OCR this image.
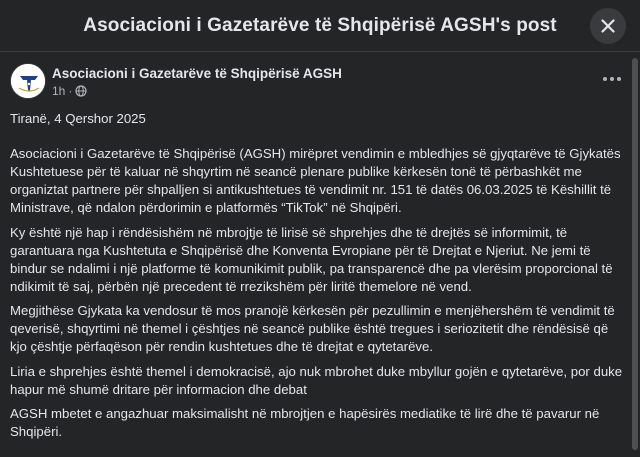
Asociacioni i Gazetarëve të Shqipërisë AGSH's post
Asociacioni i Gazetarëve të Shqipërisë AGSH
1h ·

Tiranë, 4 Qershor 2025

Asociacioni i Gazetarëve të Shqipërisë (AGSH) mirëpret vendimin e mbledhjes së gjyqtarëve të Gjykatës Kushtetuese për të kaluar në shqyrtim në seancë plenare publike kërkesën tonë të përbashkët me organiztat partnere për shpalljen si antikushtetues të vendimit nr. 151 të datës 06.03.2025 të Këshillit të Ministrave, që ndalon përdorimin e platformës “TikTok” në Shqipëri.

Ky është një hap i rëndësishëm në mbrojtje të lirisë së shprehjes dhe të drejtës së informimit, të garantuara nga Kushtetuta e Shqipërisë dhe Konventa Evropiane për të Drejtat e Njeriut. Ne jemi të bindur se ndalimi i një platforme të komunikimit publik, pa transparencë dhe pa vlerësim proporcional të ndikimit të saj, përbën një precedent të rrezikshëm për liritë themelore në vend.

Megjithëse Gjykata ka vendosur të mos pranojë kërkesën për pezullimin e menjëhershëm të vendimit të qeverisë, shqyrtimi në themel i çështjes në seancë publike është tregues i seriozitetit dhe rëndësisë që kjo çështje përfaqëson për rendin kushtetues dhe të drejtat e qytetarëve.

Liria e shprehjes është themel i demokracisë, ajo nuk mbrohet duke mbyllur gojën e qytetarëve, por duke hapur më shumë dritare për informacion dhe debat

AGSH mbetet e angazhuar maksimalisht në mbrojtjen e hapësirës mediatike të lirë dhe të pavarur në Shqipëri.
